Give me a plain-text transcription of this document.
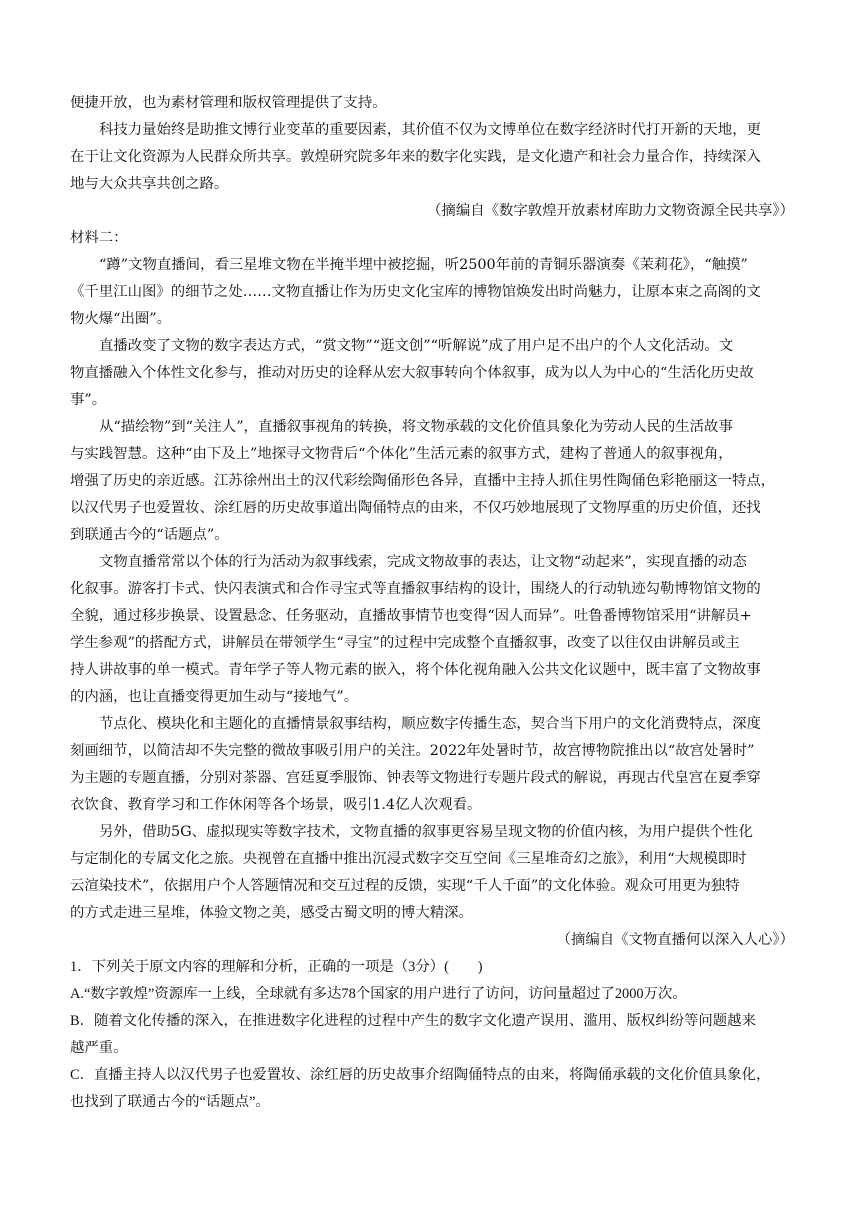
便捷开放，也为素材管理和版权管理提供了支持。
科技力量始终是助推文博行业变革的重要因素，其价值不仅为文博单位在数字经济时代打开新的天地，更
在于让文化资源为人民群众所共享。敦煌研究院多年来的数字化实践，是文化遗产和社会力量合作，持续深入
地与大众共享共创之路。
（摘编自《数字敦煌开放素材库助力文物资源全民共享》）
材料二：
“蹲”文物直播间，看三星堆文物在半掩半埋中被挖掘，听2500年前的青铜乐器演奏《茉莉花》，“触摸”
《千里江山图》的细节之处……文物直播让作为历史文化宝库的博物馆焕发出时尚魅力，让原本束之高阁的文
物火爆“出圈”。
直播改变了文物的数字表达方式，“赏文物”“逛文创”“听解说”成了用户足不出户的个人文化活动。文
物直播融入个体性文化参与，推动对历史的诠释从宏大叙事转向个体叙事，成为以人为中心的“生活化历史故
事”。
从“描绘物”到“关注人”，直播叙事视角的转换，将文物承载的文化价值具象化为劳动人民的生活故事
与实践智慧。这种“由下及上”地探寻文物背后“个体化”生活元素的叙事方式，建构了普通人的叙事视角，
增强了历史的亲近感。江苏徐州出土的汉代彩绘陶俑形色各异，直播中主持人抓住男性陶俑色彩艳丽这一特点，
以汉代男子也爱置妆、涂红唇的历史故事道出陶俑特点的由来，不仅巧妙地展现了文物厚重的历史价值，还找
到联通古今的“话题点”。
文物直播常常以个体的行为活动为叙事线索，完成文物故事的表达，让文物“动起来”，实现直播的动态
化叙事。游客打卡式、快闪表演式和合作寻宝式等直播叙事结构的设计，围绕人的行动轨迹勾勒博物馆文物的
全貌，通过移步换景、设置悬念、任务驱动，直播故事情节也变得“因人而异”。吐鲁番博物馆采用“讲解员+
学生参观”的搭配方式，讲解员在带领学生“寻宝”的过程中完成整个直播叙事，改变了以往仅由讲解员或主
持人讲故事的单一模式。青年学子等人物元素的嵌入，将个体化视角融入公共文化议题中，既丰富了文物故事
的内涵，也让直播变得更加生动与“接地气”。
节点化、模块化和主题化的直播情景叙事结构，顺应数字传播生态，契合当下用户的文化消费特点，深度
刻画细节，以简洁却不失完整的微故事吸引用户的关注。2022年处暑时节，故宫博物院推出以“故宫处暑时”
为主题的专题直播，分别对茶器、宫廷夏季服饰、钟表等文物进行专题片段式的解说，再现古代皇宫在夏季穿
衣饮食、教育学习和工作休闲等各个场景，吸引1.4亿人次观看。
另外，借助5G、虚拟现实等数字技术，文物直播的叙事更容易呈现文物的价值内核，为用户提供个性化
与定制化的专属文化之旅。央视曾在直播中推出沉浸式数字交互空间《三星堆奇幻之旅》，利用“大规模即时
云渲染技术”，依据用户个人答题情况和交互过程的反馈，实现“千人千面”的文化体验。观众可用更为独特
的方式走进三星堆，体验文物之美，感受古蜀文明的博大精深。
（摘编自《文物直播何以深入人心》）
1．下列关于原文内容的理解和分析，正确的一项是（3分）(　　)
A.“数字敦煌”资源库一上线，全球就有多达78个国家的用户进行了访问，访问量超过了2000万次。
B．随着文化传播的深入，在推进数字化进程的过程中产生的数字文化遗产误用、滥用、版权纠纷等问题越来
越严重。
C．直播主持人以汉代男子也爱置妆、涂红唇的历史故事介绍陶俑特点的由来，将陶俑承载的文化价值具象化，
也找到了联通古今的“话题点”。
